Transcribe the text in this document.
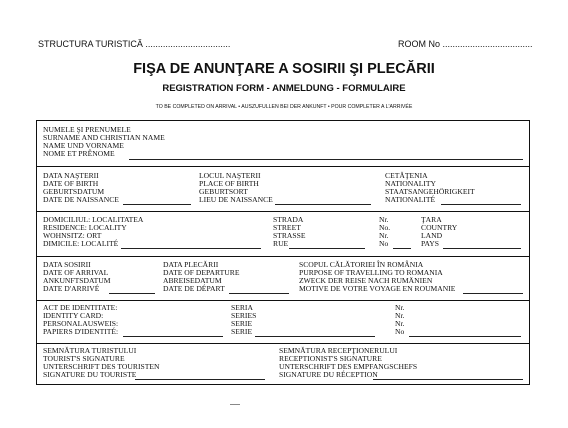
STRUCTURA TURISTICĂ ..................................	ROOM No ....................................
FIŞA DE ANUNŢARE A SOSIRII ŞI PLECĂRII
REGISTRATION FORM - ANMELDUNG - FORMULAIRE
TO BE COMPLETED ON ARRIVAL • AUSZUFULLEN BEI DER ANKUNFT • POUR COMPLETER A L'ARRIVÉE
NUMELE ŞI PRENUMELE
SURNAME AND CHRISTIAN NAME
NAME UND VORNAME
NOME ET PRÊNOME
DATA NAŞTERII
DATE OF BIRTH
GEBURTSDATUM
DATE DE NAISSANCE
LOCUL NAŞTERII
PLACE OF BIRTH
GEBURTSORT
LIEU DE NAISSANCE
CETĂŢENIA
NATIONALITY
STAATSANGEHÖRIGKEIT
NATIONALITÉ
DOMICILIUL: LOCALITATEA
RESIDENCE: LOCALITY
WOHNSITZ: ORT
DIMICILE: LOCALITÉ
STRADA
STREET
STRASSE
RUE
Nr.
No.
Nr.
No
ŢARA
COUNTRY
LAND
PAYS
DATA SOSIRII
DATE OF ARRIVAL
ANKUNFTSDATUM
DATE D'ARRIVÉ
DATA PLECĂRII
DATE OF DEPARTURE
ABREISEDATUM
DATE DE DÉPART
SCOPUL CĂLĂTORIEI ÎN ROMÂNIA
PURPOSE OF TRAVELLING TO ROMANIA
ZWECK DER REISE NACH RUMÄNIEN
MOTIVE DE VOTRE VOYAGE EN ROUMANIE
ACT DE IDENTITATE:
IDENTITY CARD:
PERSONALAUSWEIS:
PAPIERS D'IDENTITÉ:
SERIA
SERIES
SERIE
SERIE
Nr.
Nr.
Nr.
No
SEMNĂTURA TURISTULUI
TOURIST'S SIGNATURE
UNTERSCHRIFT DES TOURISTEN
SIGNATURE DU TOURISTE
SEMNĂTURA RECEPŢIONERULUI
RECEPTIONIST'S SIGNATURE
UNTERSCHRIFT DES EMPFANGSCHEFS
SIGNATURE DU RÉCEPTION
